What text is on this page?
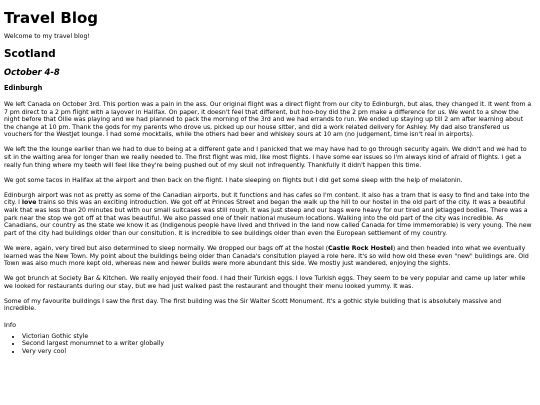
Travel Blog

Welcome to my travel blog!

Scotland
October 4-8
Edinburgh

We left Canada on October 3rd. This portion was a pain in the ass. Our original flight was a direct flight from our city to Edinburgh, but alas, they changed it. It went from a 7 pm direct to a 2 pm flight with a layover in Halifax. On paper, it doesn't feel that different, but hoo-boy did the 2 pm make a difference for us. We went to a show the night before that Ollie was playing and we had planned to pack the morning of the 3rd and we had errands to run. We ended up staying up till 2 am after learning about the change at 10 pm. Thank the gods for my parents who drove us, picked up our house sitter, and did a work related delivery for Ashley. My dad also transfered us vouchers for the WestJet lounge. I had some mocktails, while the others had beer and whiskey sours at 10 am (no judgement, time isn't real in airports).

We left the the lounge earlier than we had to due to being at a different gate and I panicked that we may have had to go through security again. We didn't and we had to sit in the waiting area for longer than we really needed to. The first flight was mid, like most flights. I have some ear issues so I'm always kind of afraid of flights. I get a really fun thing where my teeth will feel like they're being pushed out of my skull not infrequently. Thankfully it didn't happen this time.

We got some tacos in Halifax at the airport and then back on the flight. I hate sleeping on flights but I did get some sleep with the help of melatonin.

Edinburgh airport was not as pretty as some of the Canadian airports, but it functions and has cafes so I'm content. It also has a tram that is easy to find and take into the city. I love trains so this was an exciting introduction. We got off at Princes Street and began the walk up the hill to our hostel in the old part of the city. It was a beautiful walk that was less than 20 minutes but with our small suitcases was still rough. It was just steep and our bags were heavy for our tired and jetlagged bodies. There was a park near the stop we got off at that was beautiful. We also passed one of their national museum locations. Walking into the old part of the city was incredible. As Canadians, our country as the state we know it as (Indigenous people have lived and thrived in the land now called Canada for time immemorable) is very young. The new part of the city had buildings older than our consitution. It is incredible to see buildings older than even the European settlement of my country.

We were, again, very tired but also determined to sleep normally. We dropped our bags off at the hostel (Castle Rock Hostel) and then headed into what we eventually learned was the New Town. My point about the buildings being older than Canada's consitution played a role here. It's so wild how old these even "new" buildings are. Old Town was also much more kept old, whereas new and newer builds were more abundant this side. We mostly just wandered, enjoying the sights.

We got brunch at Society Bar & Kitchen. We really enjoyed their food. I had their Turkish eggs. I love Turkish eggs. They seem to be very popular and came up later while we looked for restaurants during our stay, but we had just walked past the restaurant and thought their menu looked yummy. It was.

Some of my favourite buildings I saw the first day. The first building was the Sir Walter Scott Monument. It's a gothic style building that is absolutely massive and incredible.

Info
• Victorian Gothic style
• Second largest monumnet to a writer globally
• Very very cool
